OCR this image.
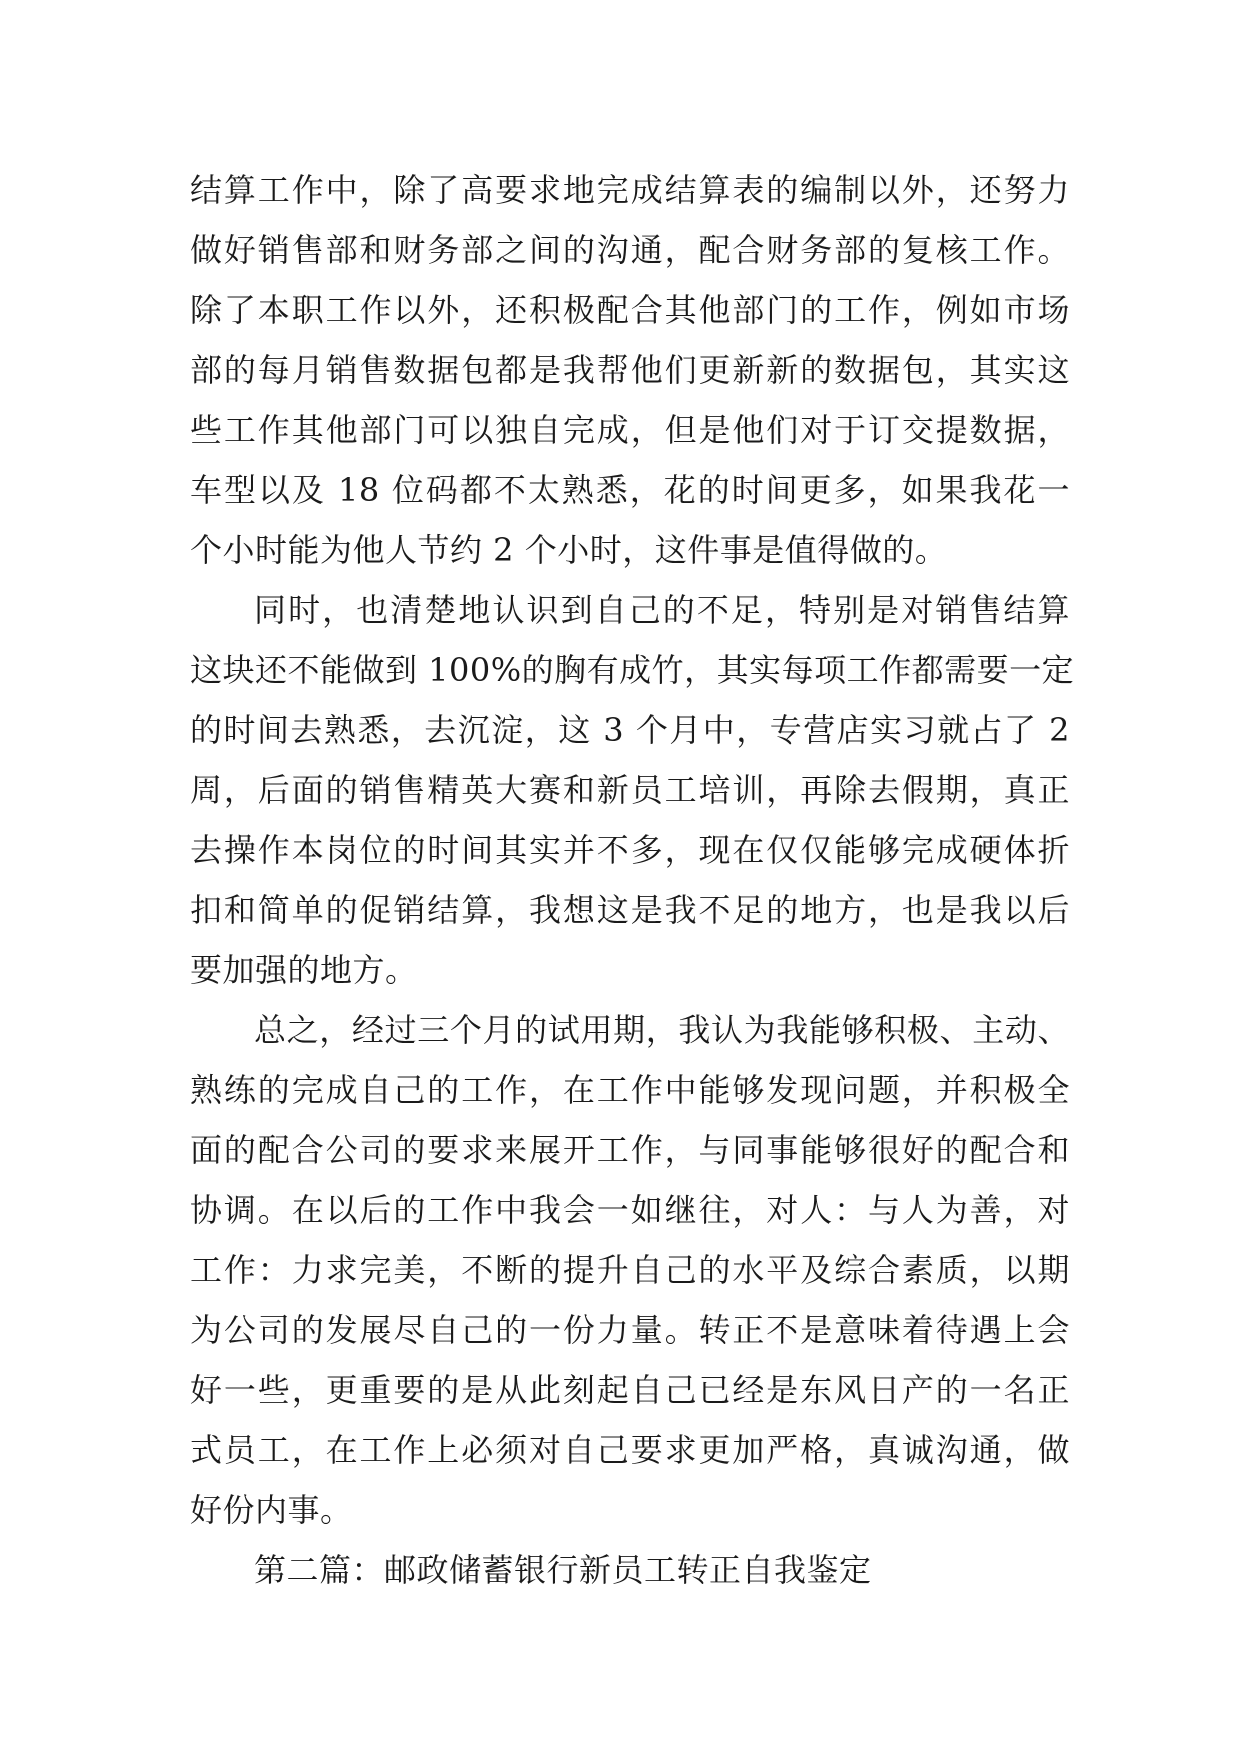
结算工作中，除了高要求地完成结算表的编制以外，还努力
做好销售部和财务部之间的沟通，配合财务部的复核工作。
除了本职工作以外，还积极配合其他部门的工作，例如市场
部的每月销售数据包都是我帮他们更新新的数据包，其实这
些工作其他部门可以独自完成，但是他们对于订交提数据，
车型以及 18 位码都不太熟悉，花的时间更多，如果我花一
个小时能为他人节约 2 个小时，这件事是值得做的。
同时，也清楚地认识到自己的不足，特别是对销售结算
这块还不能做到 100%的胸有成竹，其实每项工作都需要一定
的时间去熟悉，去沉淀，这 3 个月中，专营店实习就占了 2
周，后面的销售精英大赛和新员工培训，再除去假期，真正
去操作本岗位的时间其实并不多，现在仅仅能够完成硬体折
扣和简单的促销结算，我想这是我不足的地方，也是我以后
要加强的地方。
总之，经过三个月的试用期，我认为我能够积极、主动、
熟练的完成自己的工作，在工作中能够发现问题，并积极全
面的配合公司的要求来展开工作，与同事能够很好的配合和
协调。在以后的工作中我会一如继往，对人：与人为善，对
工作：力求完美，不断的提升自己的水平及综合素质，以期
为公司的发展尽自己的一份力量。转正不是意味着待遇上会
好一些，更重要的是从此刻起自己已经是东风日产的一名正
式员工，在工作上必须对自己要求更加严格，真诚沟通，做
好份内事。
第二篇：邮政储蓄银行新员工转正自我鉴定
